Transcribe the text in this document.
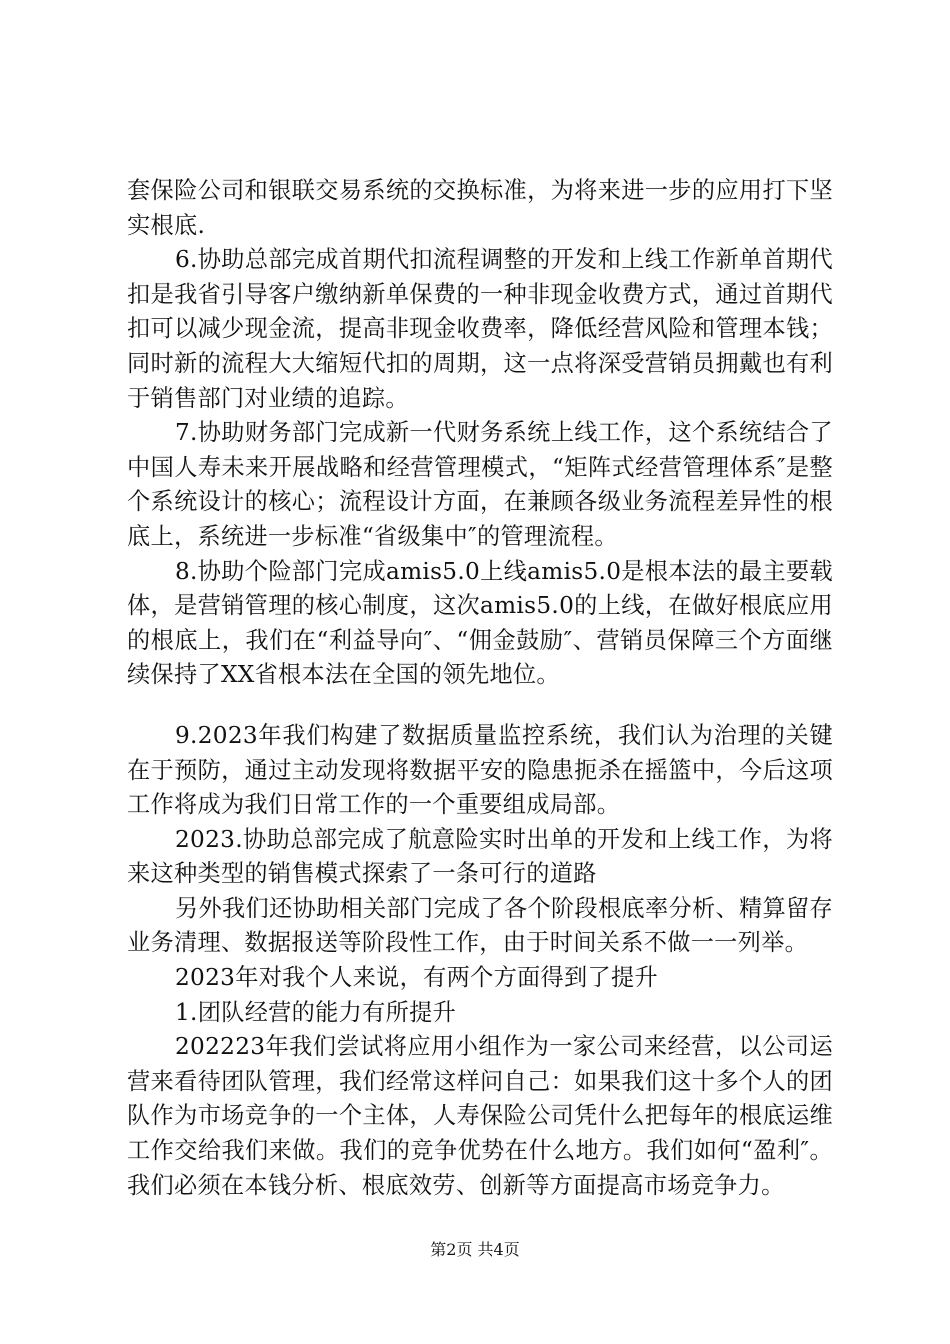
套保险公司和银联交易系统的交换标准，为将来进一步的应用打下坚实根底.

6.协助总部完成首期代扣流程调整的开发和上线工作新单首期代扣是我省引导客户缴纳新单保费的一种非现金收费方式，通过首期代扣可以减少现金流，提高非现金收费率，降低经营风险和管理本钱；同时新的流程大大缩短代扣的周期，这一点将深受营销员拥戴也有利于销售部门对业绩的追踪。

7.协助财务部门完成新一代财务系统上线工作，这个系统结合了中国人寿未来开展战略和经营管理模式，“矩阵式经营管理体系″是整个系统设计的核心；流程设计方面，在兼顾各级业务流程差异性的根底上，系统进一步标准“省级集中″的管理流程。

8.协助个险部门完成amis5.0上线amis5.0是根本法的最主要载体，是营销管理的核心制度，这次amis5.0的上线，在做好根底应用的根底上，我们在“利益导向″、“佣金鼓励″、营销员保障三个方面继续保持了XX省根本法在全国的领先地位。

9.2023年我们构建了数据质量监控系统，我们认为治理的关键在于预防，通过主动发现将数据平安的隐患扼杀在摇篮中，今后这项工作将成为我们日常工作的一个重要组成局部。

2023.协助总部完成了航意险实时出单的开发和上线工作，为将来这种类型的销售模式探索了一条可行的道路

另外我们还协助相关部门完成了各个阶段根底率分析、精算留存业务清理、数据报送等阶段性工作，由于时间关系不做一一列举。

2023年对我个人来说，有两个方面得到了提升

1.团队经营的能力有所提升

202223年我们尝试将应用小组作为一家公司来经营，以公司运营来看待团队管理，我们经常这样问自己：如果我们这十多个人的团队作为市场竞争的一个主体，人寿保险公司凭什么把每年的根底运维工作交给我们来做。我们的竞争优势在什么地方。我们如何“盈利″。我们必须在本钱分析、根底效劳、创新等方面提高市场竞争力。

第2页 共4页
